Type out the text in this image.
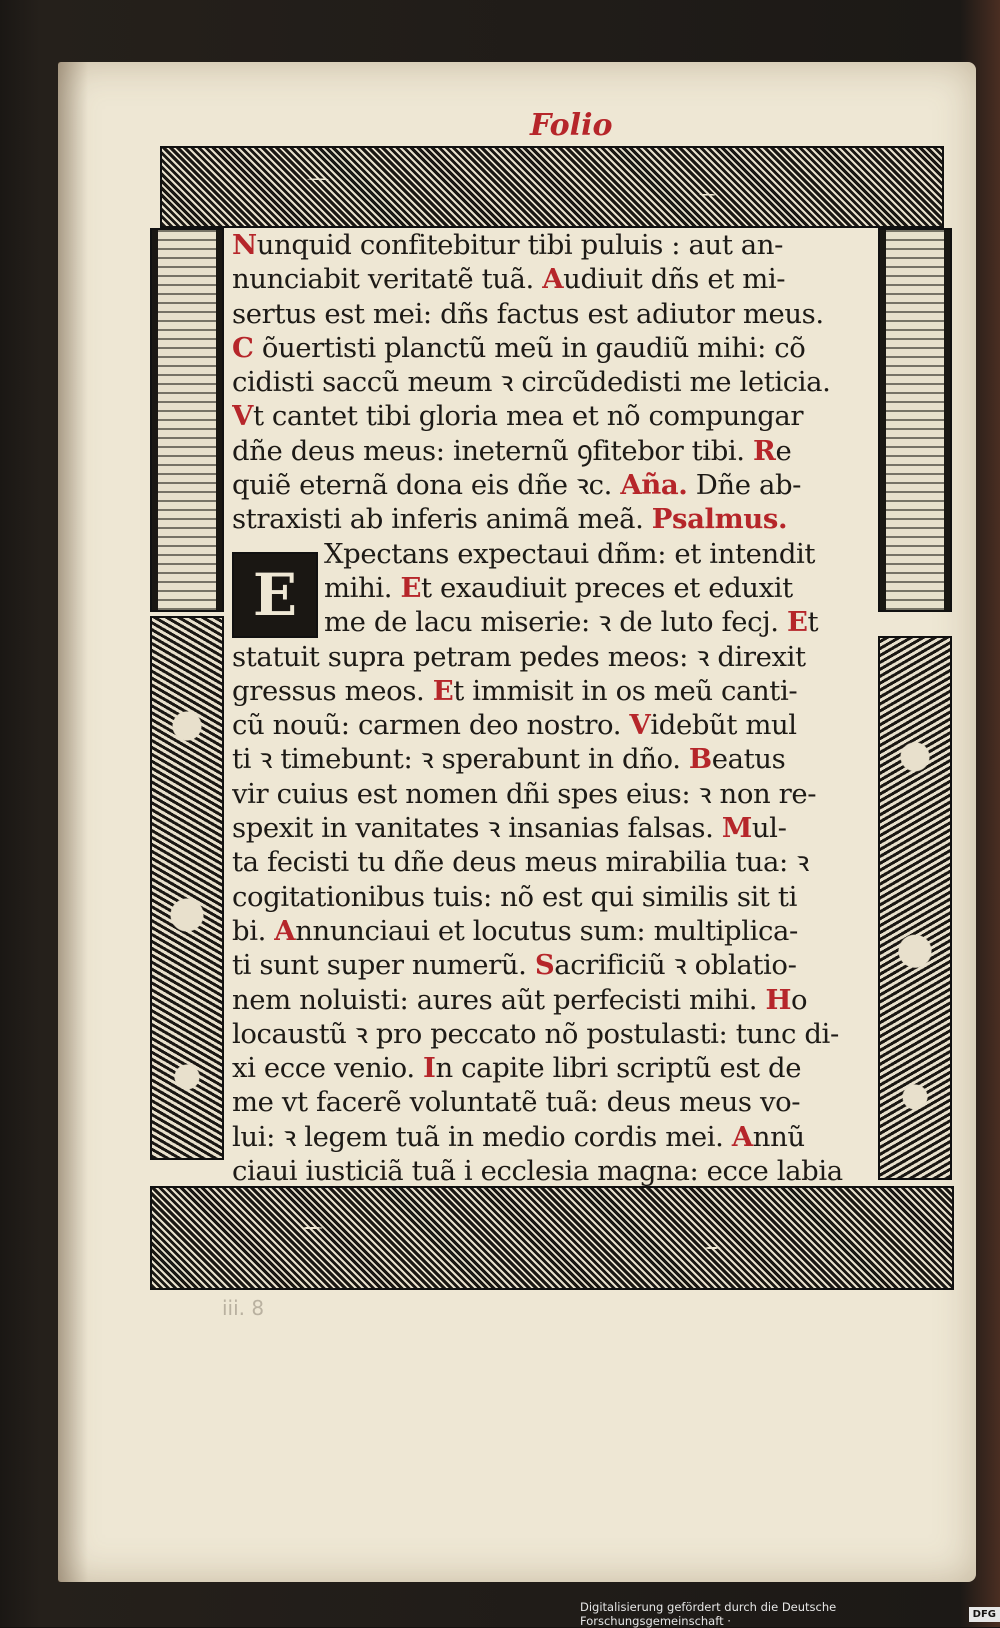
Folio
E
Nunquid confitebitur tibi puluis : aut an-
nunciabit veritatẽ tuã. Audiuit dñs et mi-
sertus est mei: dñs factus est adiutor meus.
C õuertisti planctũ meũ in gaudiũ mihi: cõ
cidisti saccũ meum ꝛ circũdedisti me leticia.
Vt cantet tibi gloria mea et nõ compungar
dñe deus meus: ineternũ ꝯfitebor tibi. Re
quiẽ eternã dona eis dñe ꝛc. Añа. Dñe ab-
straxisti ab inferis animã meã. Psalmus.
Xpectans expectaui dñm: et intendit
mihi. Et exaudiuit preces et eduxit
me de lacu miserie: ꝛ de luto fecj. Et
statuit supra petram pedes meos: ꝛ direxit
gressus meos. Et immisit in os meũ canti-
cũ nouũ: carmen deo nostro. Videbũt mul
ti ꝛ timebunt: ꝛ sperabunt in dño. Beatus
vir cuius est nomen dñi spes eius: ꝛ non re-
spexit in vanitates ꝛ insanias falsas. Mul-
ta fecisti tu dñe deus meus mirabilia tua: ꝛ
cogitationibus tuis: nõ est qui similis sit ti
bi. Annunciaui et locutus sum: multiplica-
ti sunt super numerũ. Sacrificiũ ꝛ oblatio-
nem noluisti: aures aũt perfecisti mihi. Ho
locaustũ ꝛ pro peccato nõ postulasti: tunc di-
xi ecce venio. In capite libri scriptũ est de
me vt facerẽ voluntatẽ tuã: deus meus vo-
lui: ꝛ legem tuã in medio cordis mei. Annũ
ciaui iusticiã tuã i ecclesia magna: ecce labia
iii. 8
Digitalisierung gefördert durch die Deutsche Forschungsgemeinschaft ·	DFG
